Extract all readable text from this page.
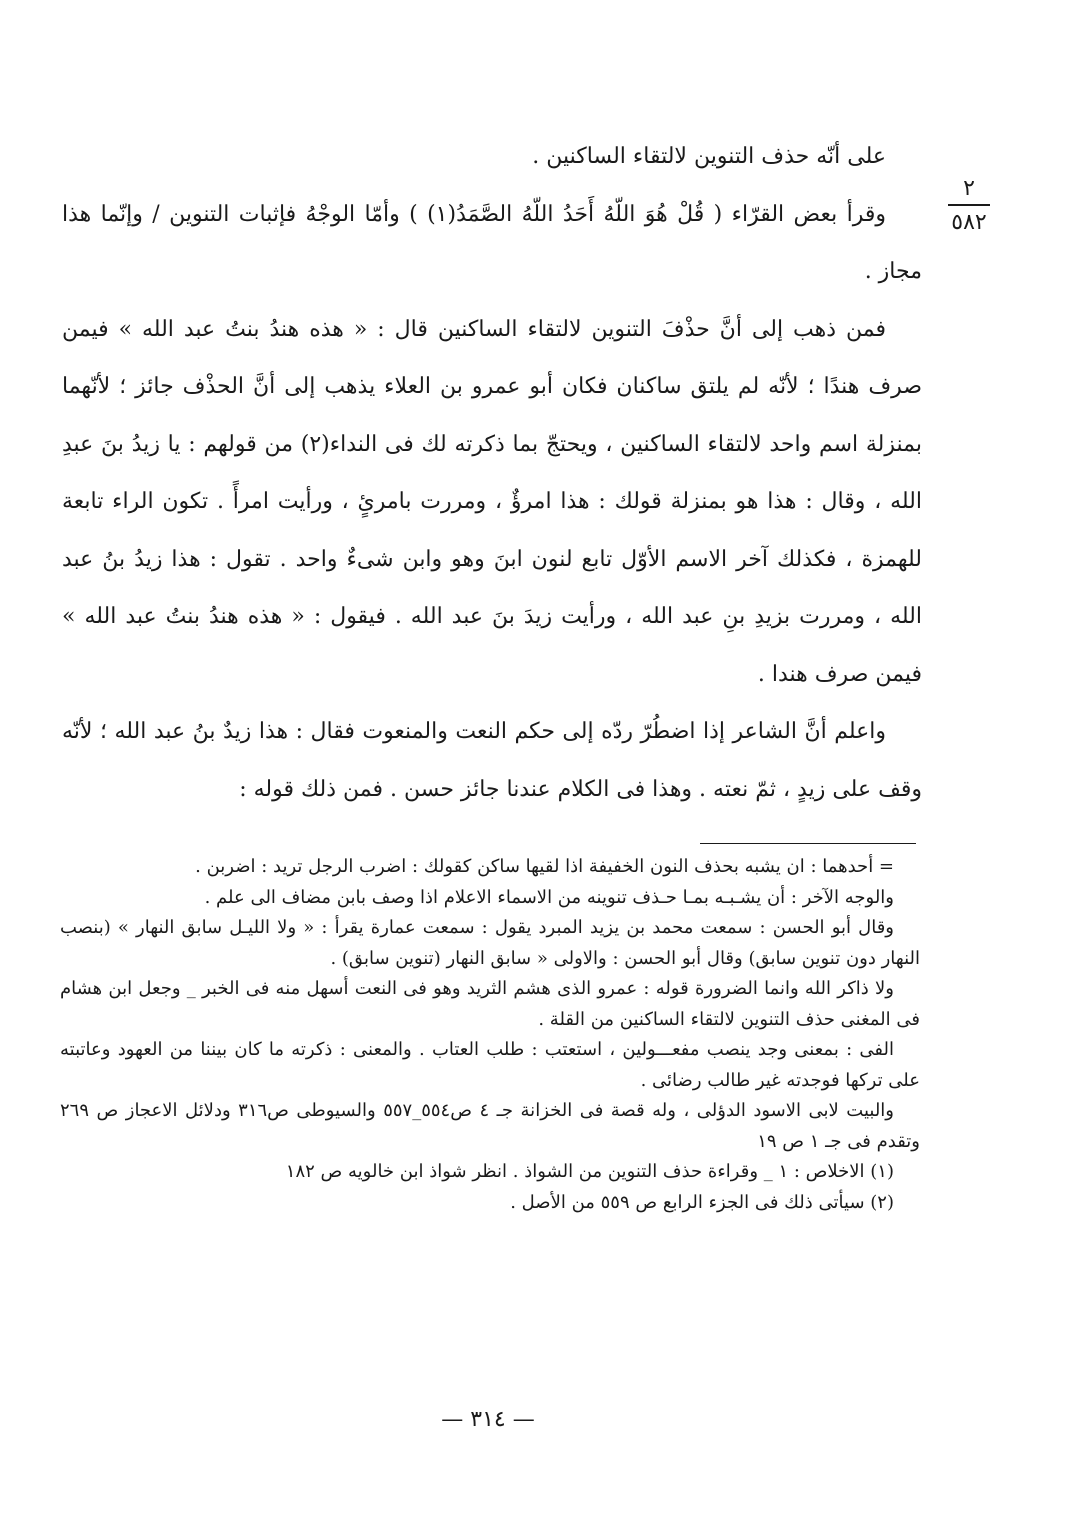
٢
٥٨٢

على أنّه حذف التنوين لالتقاء الساكنين .

وقرأ بعض القرّاء ( قُلْ هُوَ اللّهُ أَحَدُ اللّهُ الصَّمَدُ(١) ) وأمّا الوجْهُ فإثبات التنوين / وإنّما هذا مجاز .

فمن ذهب إلى أنَّ حذْفَ التنوين لالتقاء الساكنين قال : « هذه هندُ بنتُ عبد الله » فيمن صرف هندًا ؛ لأنّه لم يلتق ساكنان فكان أبو عمرو بن العلاء يذهب إلى أنَّ الحذْف جائز ؛ لأنّهما بمنزلة اسم واحد لالتقاء الساكنين ، ويحتجّ بما ذكرته لك فى النداء(٢) من قولهم : يا زيدُ بنَ عبدِ الله ، وقال : هذا هو بمنزلة قولك : هذا امرؤٌ ، ومررت بامرئٍ ، ورأيت امرأً . تكون الراء تابعة للهمزة ، فكذلك آخر الاسم الأوّل تابع لنون ابنَ وهو وابن شىءٌ واحد . تقول : هذا زيدُ بنُ عبد الله ، ومررت بزيدِ بنِ عبد الله ، ورأيت زيدَ بنَ عبد الله . فيقول : « هذه هندُ بنتُ عبد الله » فيمن صرف هندا .

واعلم أنَّ الشاعر إذا اضطُرّ ردّه إلى حكم النعت والمنعوت فقال : هذا زيدٌ بنُ عبد الله ؛ لأنّه وقف على زيدٍ ، ثمّ نعته . وهذا فى الكلام عندنا جائز حسن . فمن ذلك قوله :

= أحدهما : ان يشبه بحذف النون الخفيفة اذا لقيها ساكن كقولك : اضرب الرجل تريد : اضربن .

والوجه الآخر : أن يشـبـه بمـا حـذف تنوينه من الاسماء الاعلام اذا وصف بابن مضاف الى علم .

وقال أبو الحسن : سمعت محمد بن يزيد المبرد يقول : سمعت عمارة يقرأ : « ولا الليـل سابق النهار » (بنصب النهار دون تنوين سابق) وقال أبو الحسن : والاولى « سابق النهار (تنوين سابق) .

ولا ذاكر الله وانما الضرورة قوله : عمرو الذى هشم الثريد وهو فى النعت أسهل منه فى الخبر _ وجعل ابن هشام فى المغنى حذف التنوين لالتقاء الساكنين من القلة .

الفى : بمعنى وجد ينصب مفعـــولين ، استعتب : طلب العتاب . والمعنى : ذكرته ما كان بيننا من العهود وعاتبته على تركها فوجدته غير طالب رضائى .

والبيت لابى الاسود الدؤلى ، وله قصة فى الخزانة جـ ٤ ص٥٥٤_٥٥٧ والسيوطى ص٣١٦ ودلائل الاعجاز ص ٢٦٩ وتقدم فى جـ ١ ص ١٩

(١) الاخلاص : ١ _ وقراءة حذف التنوين من الشواذ . انظر شواذ ابن خالويه ص ١٨٢

(٢) سيأتى ذلك فى الجزء الرابع ص ٥٥٩ من الأصل .

— ٣١٤ —
